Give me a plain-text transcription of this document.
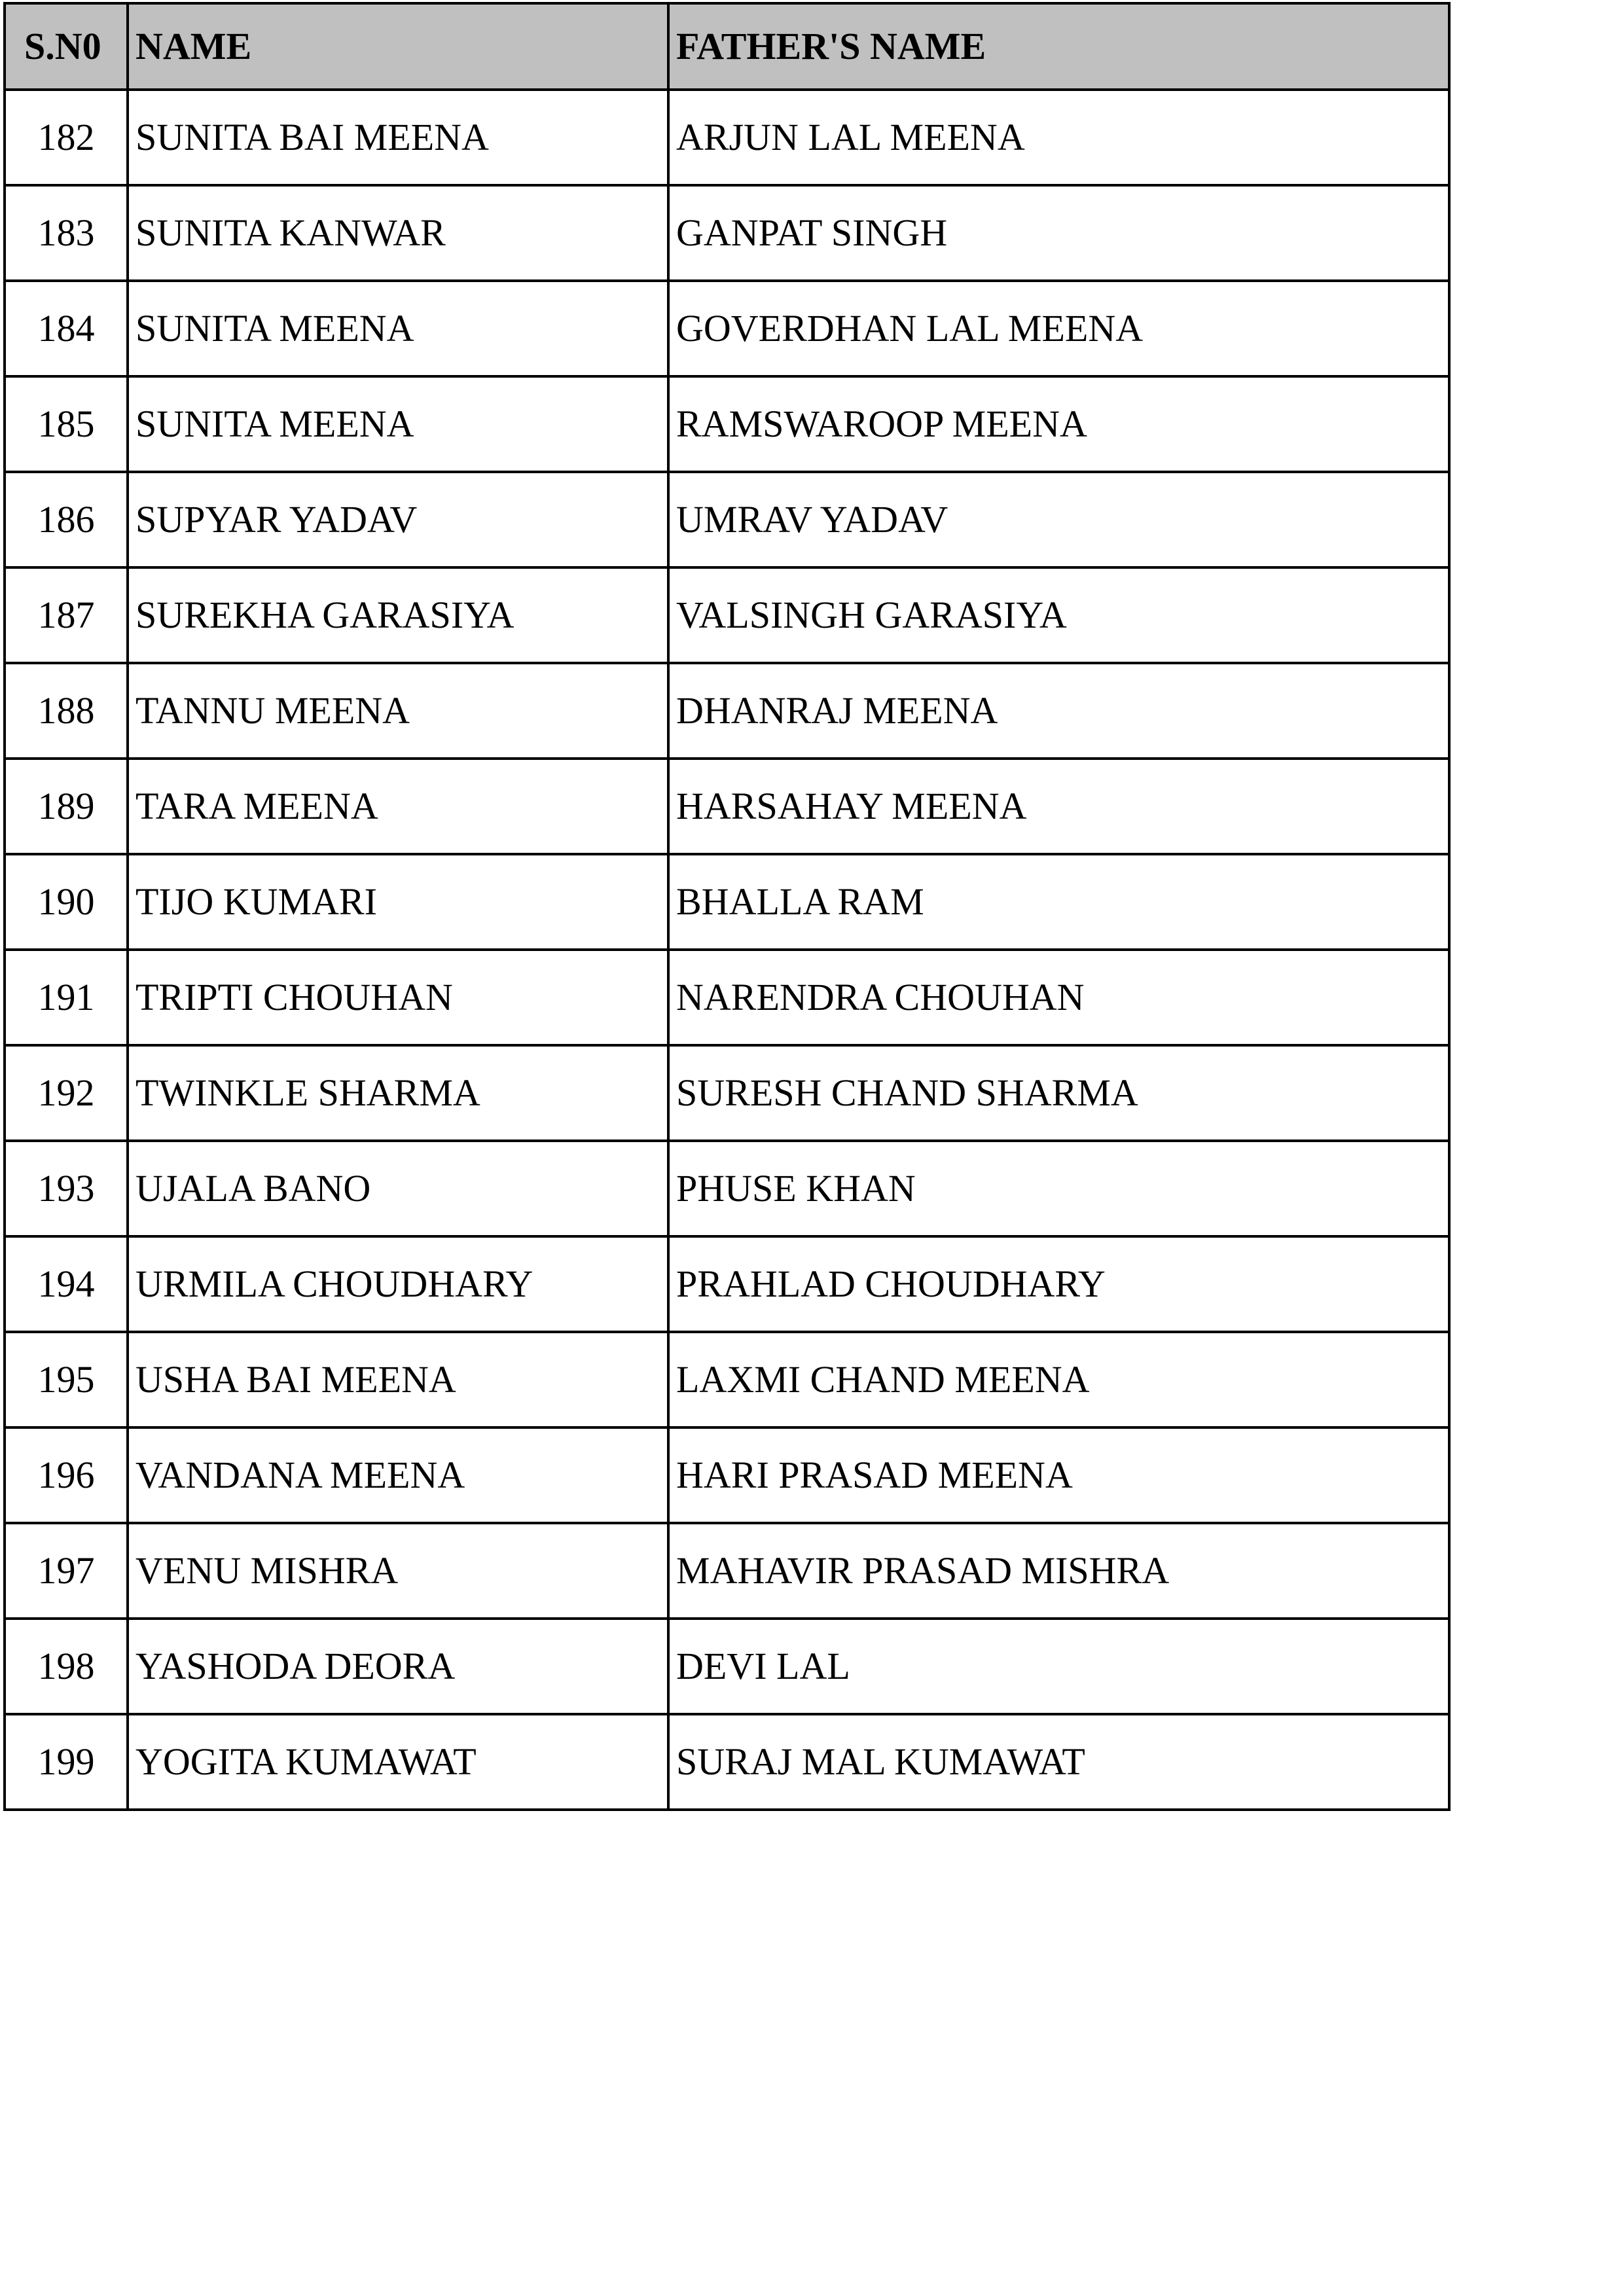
S.N0	NAME	FATHER'S NAME
182	SUNITA BAI MEENA	ARJUN LAL MEENA
183	SUNITA KANWAR	GANPAT SINGH
184	SUNITA MEENA	GOVERDHAN LAL MEENA
185	SUNITA MEENA	RAMSWAROOP MEENA
186	SUPYAR YADAV	UMRAV YADAV
187	SUREKHA GARASIYA	VALSINGH GARASIYA
188	TANNU MEENA	DHANRAJ MEENA
189	TARA MEENA	HARSAHAY MEENA
190	TIJO KUMARI	BHALLA RAM
191	TRIPTI CHOUHAN	NARENDRA CHOUHAN
192	TWINKLE SHARMA	SURESH CHAND SHARMA
193	UJALA BANO	PHUSE KHAN
194	URMILA CHOUDHARY	PRAHLAD CHOUDHARY
195	USHA BAI MEENA	LAXMI CHAND MEENA
196	VANDANA MEENA	HARI PRASAD MEENA
197	VENU MISHRA	MAHAVIR PRASAD MISHRA
198	YASHODA DEORA	DEVI LAL
199	YOGITA KUMAWAT	SURAJ MAL KUMAWAT
